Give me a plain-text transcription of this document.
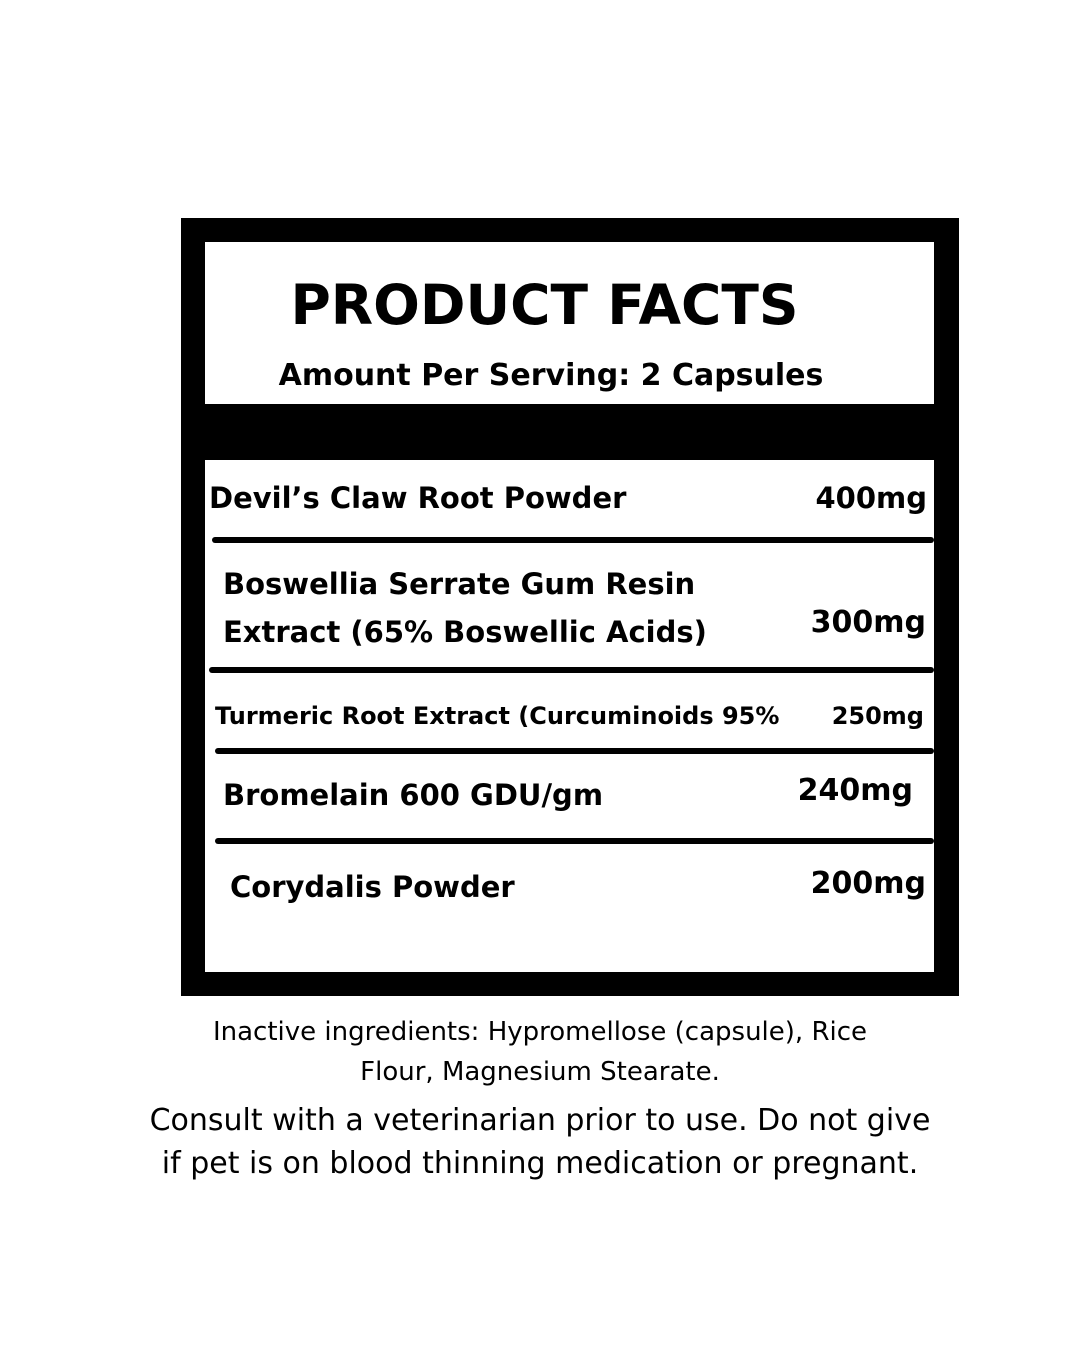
PRODUCT FACTS
Amount Per Serving: 2 Capsules
Devil’s Claw Root Powder	400mg
Boswellia Serrate Gum Resin
Extract (65% Boswellic Acids)	300mg
Turmeric Root Extract (Curcuminoids 95% 250mg
Bromelain 600 GDU/gm	240mg
Corydalis Powder	200mg
Inactive ingredients: Hypromellose (capsule), Rice
Flour, Magnesium Stearate.
Consult with a veterinarian prior to use. Do not give
if pet is on blood thinning medication or pregnant.
